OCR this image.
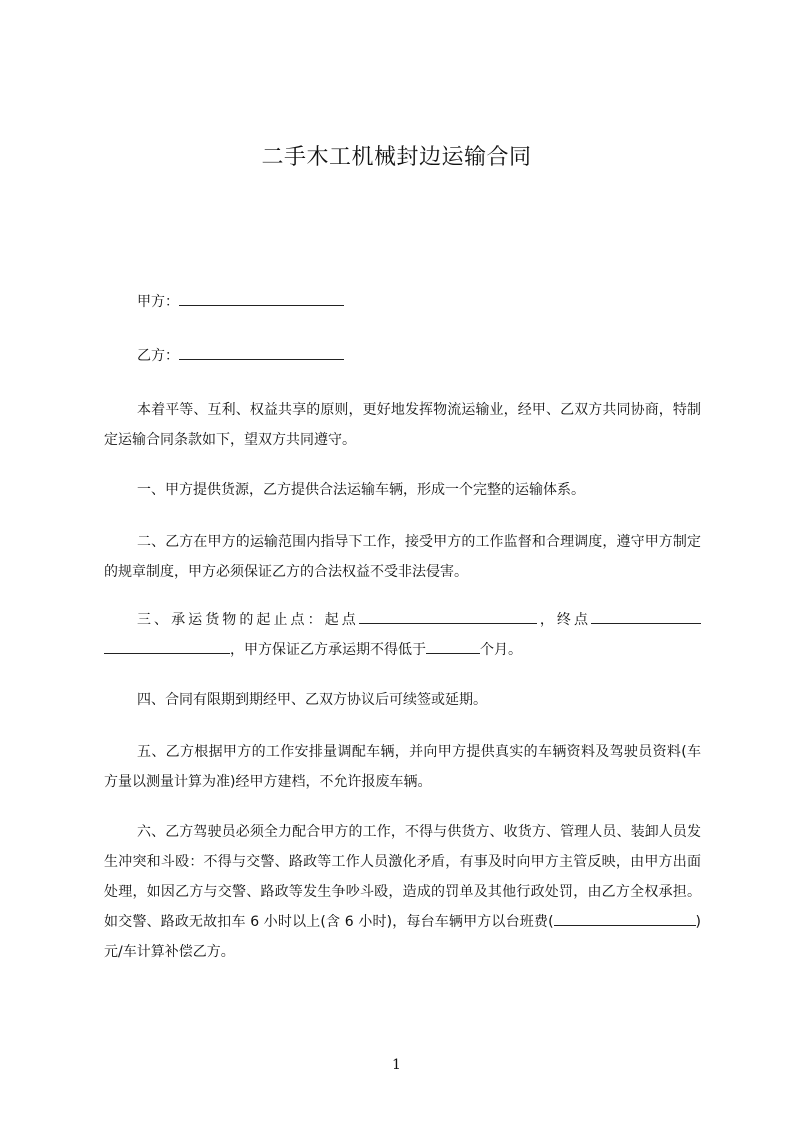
二手木工机械封边运输合同
甲方：
乙方：
本着平等、互利、权益共享的原则，更好地发挥物流运输业，经甲、乙双方共同协商，特制定运输合同条款如下，望双方共同遵守。
一、甲方提供货源，乙方提供合法运输车辆，形成一个完整的运输体系。
二、乙方在甲方的运输范围内指导下工作，接受甲方的工作监督和合理调度，遵守甲方制定的规章制度，甲方必须保证乙方的合法权益不受非法侵害。
三、承运货物的起止点：起点	，终点，甲方保证乙方承运期不得低于	个月。
四、合同有限期到期经甲、乙双方协议后可续签或延期。
五、乙方根据甲方的工作安排量调配车辆，并向甲方提供真实的车辆资料及驾驶员资料(车方量以测量计算为准)经甲方建档，不允许报废车辆。
六、乙方驾驶员必须全力配合甲方的工作，不得与供货方、收货方、管理人员、装卸人员发生冲突和斗殴：不得与交警、路政等工作人员激化矛盾，有事及时向甲方主管反映，由甲方出面处理，如因乙方与交警、路政等发生争吵斗殴，造成的罚单及其他行政处罚，由乙方全权承担。如交警、路政无故扣车 6 小时以上(含 6 小时)，每台车辆甲方以台班费(	)元/车计算补偿乙方。
1
